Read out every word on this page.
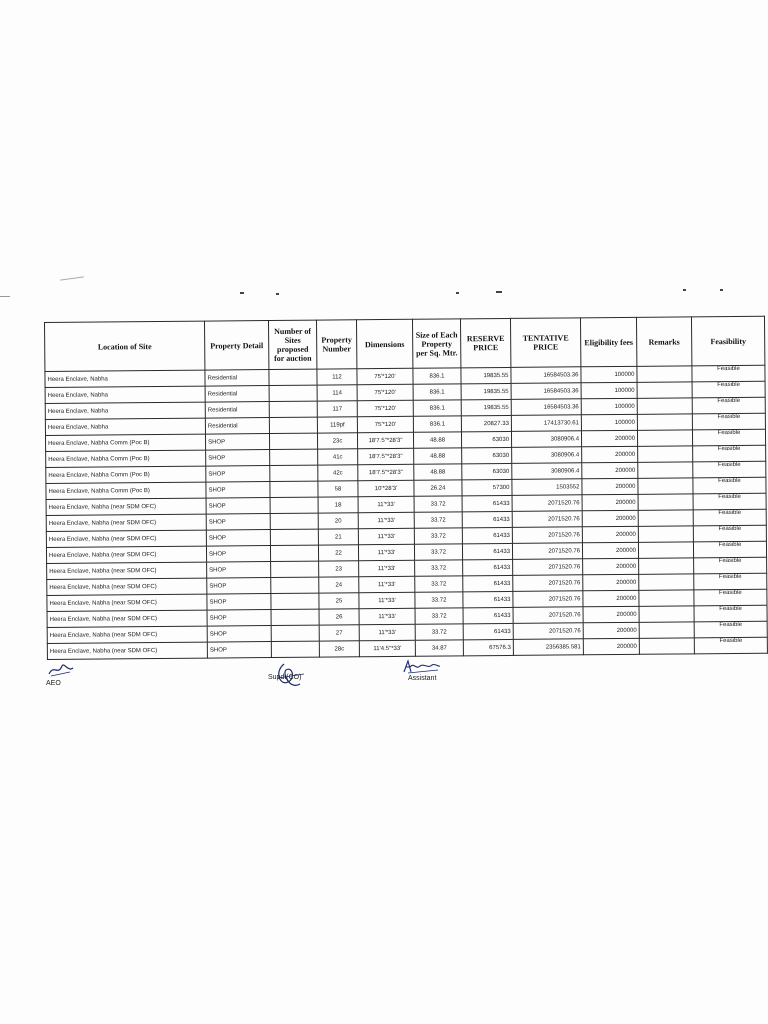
Location of Site	Property Detail	Number of Sites proposed for auction	Property Number	Dimensions	Size of Each Property per Sq. Mtr.	RESERVE PRICE	TENTATIVE PRICE	Eligibility fees	Remarks	Feasibility
Heera Enclave, Nabha	Residential		112	75'*120'	836.1	19835.55	16584503.36	100000		Feasible
Heera Enclave, Nabha	Residential		114	75'*120'	836.1	19835.55	16584503.36	100000		Feasible
Heera Enclave, Nabha	Residential		117	75'*120'	836.1	19835.55	16584503.36	100000		Feasible
Heera Enclave, Nabha	Residential		119pf	75'*120'	836.1	20827.33	17413730.61	100000		Feasible
Heera Enclave, Nabha Comm (Poc B)	SHOP		23c	18'7.5"*28'3"	48.88	63030	3080906.4	200000		Feasible
Heera Enclave, Nabha Comm (Poc B)	SHOP		41c	18'7.5"*28'3"	48.88	63030	3080906.4	200000		Feasible
Heera Enclave, Nabha Comm (Poc B)	SHOP		42c	18'7.5"*28'3"	48.88	63030	3080906.4	200000		Feasible
Heera Enclave, Nabha Comm (Poc B)	SHOP		58	10'*28'3'	26.24	57300	1503552	200000		Feasible
Heera Enclave, Nabha (near SDM OFC)	SHOP		18	11'*33'	33.72	61433	2071520.76	200000		Feasible
Heera Enclave, Nabha (near SDM OFC)	SHOP		20	11'*33'	33.72	61433	2071520.76	200000		Feasible
Heera Enclave, Nabha (near SDM OFC)	SHOP		21	11'*33'	33.72	61433	2071520.76	200000		Feasible
Heera Enclave, Nabha (near SDM OFC)	SHOP		22	11'*33'	33.72	61433	2071520.76	200000		Feasible
Heera Enclave, Nabha (near SDM OFC)	SHOP		23	11'*33'	33.72	61433	2071520.76	200000		Feasible
Heera Enclave, Nabha (near SDM OFC)	SHOP		24	11'*33'	33.72	61433	2071520.76	200000		Feasible
Heera Enclave, Nabha (near SDM OFC)	SHOP		25	11'*33'	33.72	61433	2071520.76	200000		Feasible
Heera Enclave, Nabha (near SDM OFC)	SHOP		26	11'*33'	33.72	61433	2071520.76	200000		Feasible
Heera Enclave, Nabha (near SDM OFC)	SHOP		27	11'*33'	33.72	61433	2071520.76	200000		Feasible
Heera Enclave, Nabha (near SDM OFC)	SHOP		28c	11'4.5"*33'	34.87	67576.3	2356385.581	200000		Feasible
AEO
Supdt(CO)	Assistant
